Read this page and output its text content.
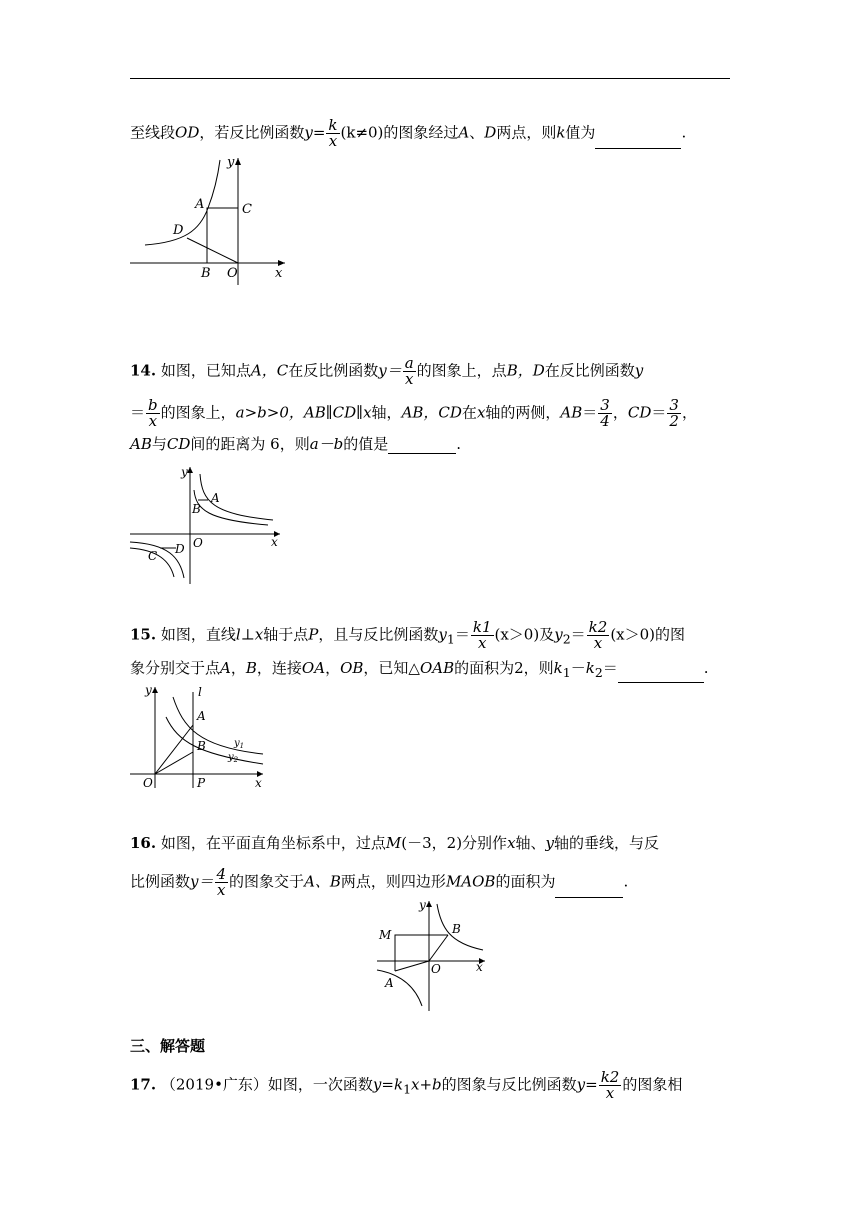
至线段OD，若反比例函数$y= \frac{k}{x} (k\ne 0)$的图象经过A、D两点，则k值为	.
y
x
A	C
D
B O
14. 如图，已知点A，C在反比例函数$y= \frac{a}{x}$ 的图象上，点B，D在反比例函数y
＝ $\frac{b}{x}$ 的图象上，a>b>0，AB∥CD∥x轴，AB，CD在x轴的两侧，$AB= \frac{3}{4}$ ，$CD= \frac{3}{2}$ ，
AB与CD间的距离为 6，则a－b的值是	.
y
x
A
B
O
C D
15. 如图，直线l⊥x轴于点P，且与反比例函数$y_1= \frac{k1}{x} (x>0)$及$y_2= \frac{k2}{x} (x>0)$的图
象分别交于点A，B，连接OA，OB，已知△OAB的面积为2，则$k_1-k_2=$	.
y	l
A
B	$y_1$
$y_2$
O	P	x
16. 如图，在平面直角坐标系中，过点M(－3，2)分别作x轴、y轴的垂线，与反
比例函数$y= \frac{4}{x}$ 的图象交于A、B两点，则四边形MAOB的面积为	.
y
M	B
O	x
A
三、解答题
17. （2019•广东）如图，一次函数$y=k_1x+b$的图象与反比例函数$y= \frac{k2}{x}$ 的图象相
